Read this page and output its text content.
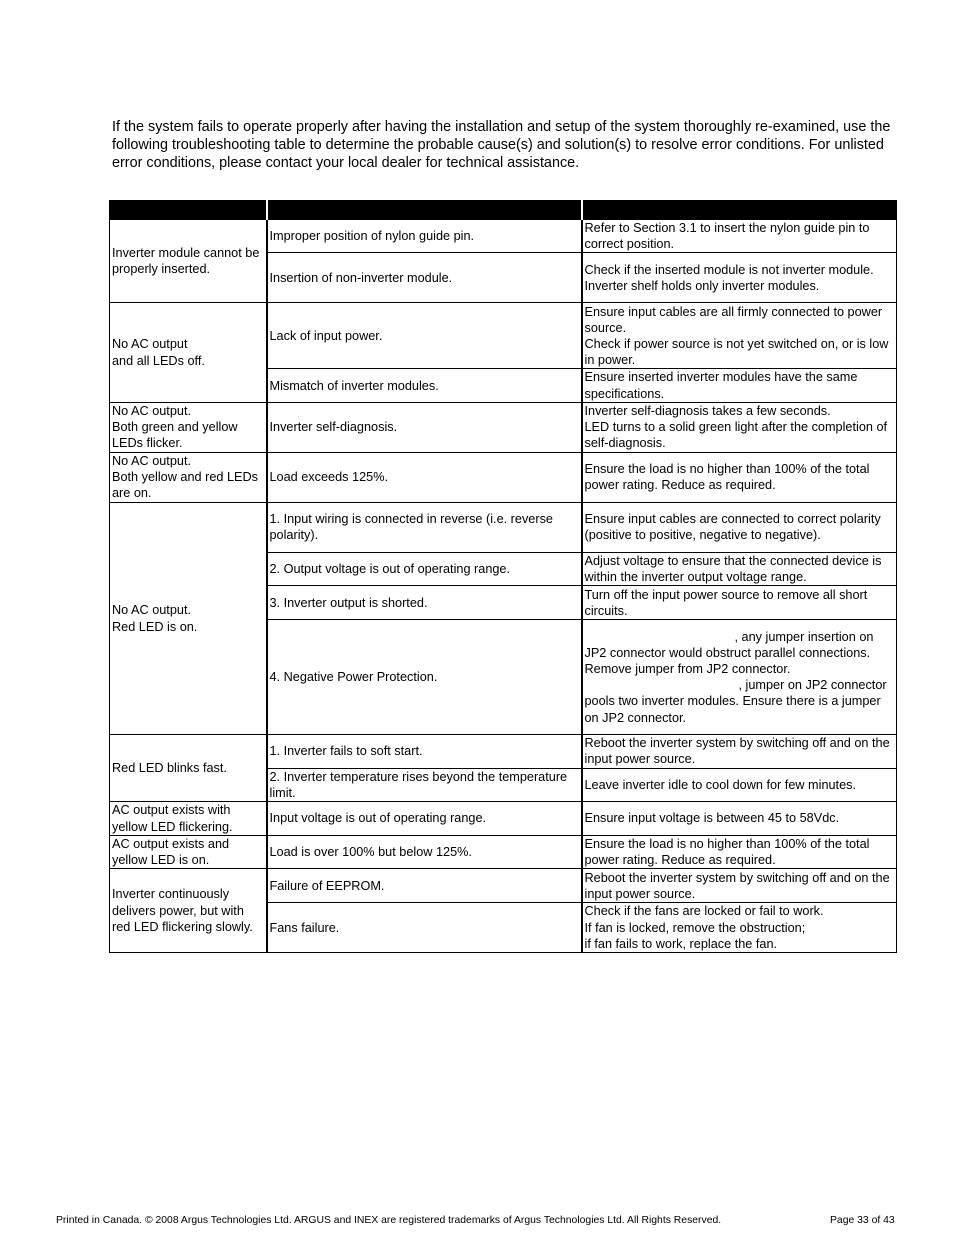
If the system fails to operate properly after having the installation and setup of the system thoroughly re-examined, use the following troubleshooting table to determine the probable cause(s) and solution(s) to resolve error conditions. For unlisted error conditions, please contact your local dealer for technical assistance.

Inverter module cannot be properly inserted.	Improper position of nylon guide pin.	Refer to Section 3.1 to insert the nylon guide pin to correct position.
	Insertion of non-inverter module.	Check if the inserted module is not inverter module. Inverter shelf holds only inverter modules.

No AC output
and all LEDs off.	Lack of input power.	Ensure input cables are all firmly connected to power source.
Check if power source is not yet switched on, or is low in power.

	Mismatch of inverter modules.	Ensure inserted inverter modules have the same specifications.

No AC output.
Both green and yellow LEDs flicker.	Inverter self-diagnosis.	Inverter self-diagnosis takes a few seconds.
LED turns to a solid green light after the completion of self-diagnosis.

No AC output.
Both yellow and red LEDs are on.	Load exceeds 125%.	Ensure the load is no higher than 100% of the total power rating. Reduce as required.

No AC output.
Red LED is on.	1. Input wiring is connected in reverse (i.e. reverse polarity).	Ensure input cables are connected to correct polarity (positive to positive, negative to negative).
	2. Output voltage is out of operating range.	Adjust voltage to ensure that the connected device is within the inverter output voltage range.
	3. Inverter output is shorted.	Turn off the input power source to remove all short circuits.
	4. Negative Power Protection.	, any jumper insertion on JP2 connector would obstruct parallel connections. Remove jumper from JP2 connector.
, jumper on JP2 connector pools two inverter modules. Ensure there is a jumper on JP2 connector.

Red LED blinks fast.	1. Inverter fails to soft start.	Reboot the inverter system by switching off and on the input power source.
	2. Inverter temperature rises beyond the temperature limit.	Leave inverter idle to cool down for few minutes.
AC output exists with yellow LED flickering.	Input voltage is out of operating range.	Ensure input voltage is between 45 to 58Vdc.
AC output exists and yellow LED is on.	Load is over 100% but below 125%.	Ensure the load is no higher than 100% of the total power rating. Reduce as required.
Inverter continuously delivers power, but with red LED flickering slowly.	Failure of EEPROM.	Reboot the inverter system by switching off and on the input power source.
	Fans failure.	Check if the fans are locked or fail to work.
If fan is locked, remove the obstruction;
if fan fails to work, replace the fan.
Printed in Canada. © 2008 Argus Technologies Ltd. ARGUS and INEX are registered trademarks of Argus Technologies Ltd. All Rights Reserved.	Page 33 of 43
